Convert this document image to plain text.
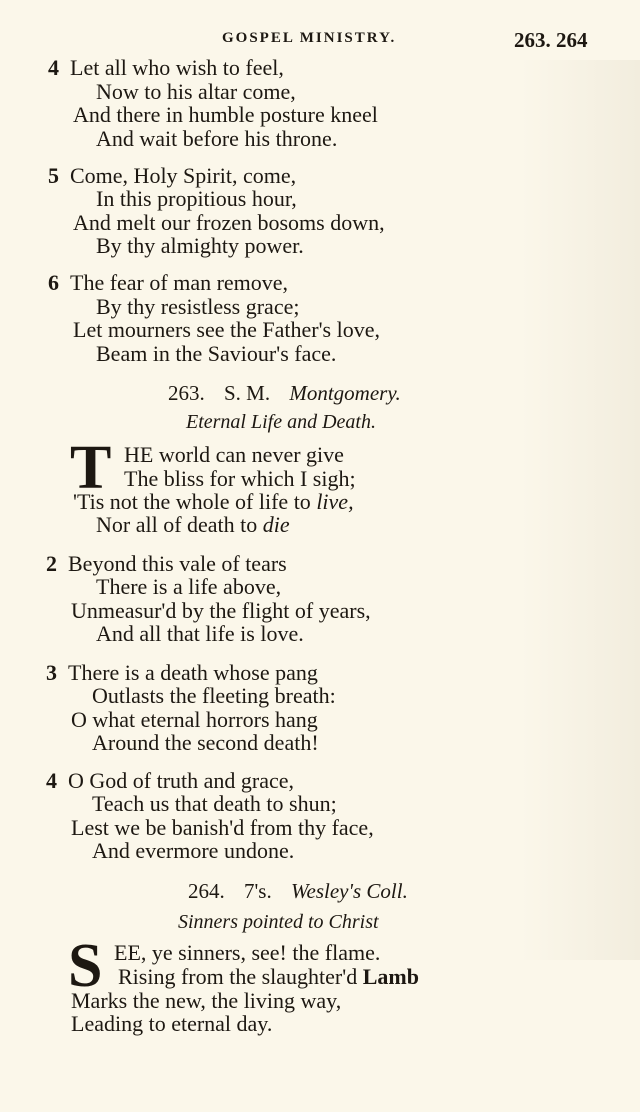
GOSPEL MINISTRY.	263. 264
4 Let all who wish to feel,
Now to his altar come,
And there in humble posture kneel
And wait before his throne.
5 Come, Holy Spirit, come,
In this propitious hour,
And melt our frozen bosoms down,
By thy almighty power.
6 The fear of man remove,
By thy resistless grace;
Let mourners see the Father's love,
Beam in the Saviour's face.
263. S. M. Montgomery.
Eternal Life and Death.
T HE world can never give
The bliss for which I sigh;
'Tis not the whole of life to live,
Nor all of death to die
2 Beyond this vale of tears
There is a life above,
Unmeasur'd by the flight of years,
And all that life is love.
3 There is a death whose pang
Outlasts the fleeting breath:
O what eternal horrors hang
Around the second death!
4 O God of truth and grace,
Teach us that death to shun;
Lest we be banish'd from thy face,
And evermore undone.
264. 7's. Wesley's Coll.
Sinners pointed to Christ
S EE, ye sinners, see! the flame.
Rising from the slaughter'd Lamb
Marks the new, the living way,
Leading to eternal day.
